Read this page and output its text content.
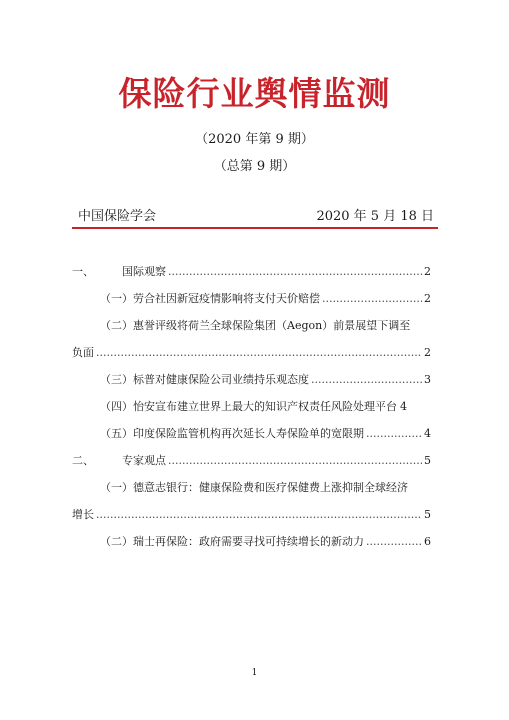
保险行业舆情监测
（2020 年第 9 期）
（总第 9 期）
中国保险学会	2020 年 5 月 18 日
一、	国际观察 .....	2
（一）劳合社因新冠疫情影响将支付天价赔偿 .....	2
（二）惠誉评级将荷兰全球保险集团（Aegon）前景展望下调至
负面 .....	2
（三）标普对健康保险公司业绩持乐观态度 .....	3
（四）怡安宣布建立世界上最大的知识产权责任风险处理平台 4
（五）印度保险监管机构再次延长人寿保险单的宽限期 .....	4
二、	专家观点 .....	5
（一）德意志银行：健康保险费和医疗保健费上涨抑制全球经济
增长 .....	5
（二）瑞士再保险：政府需要寻找可持续增长的新动力 .....	6
1
